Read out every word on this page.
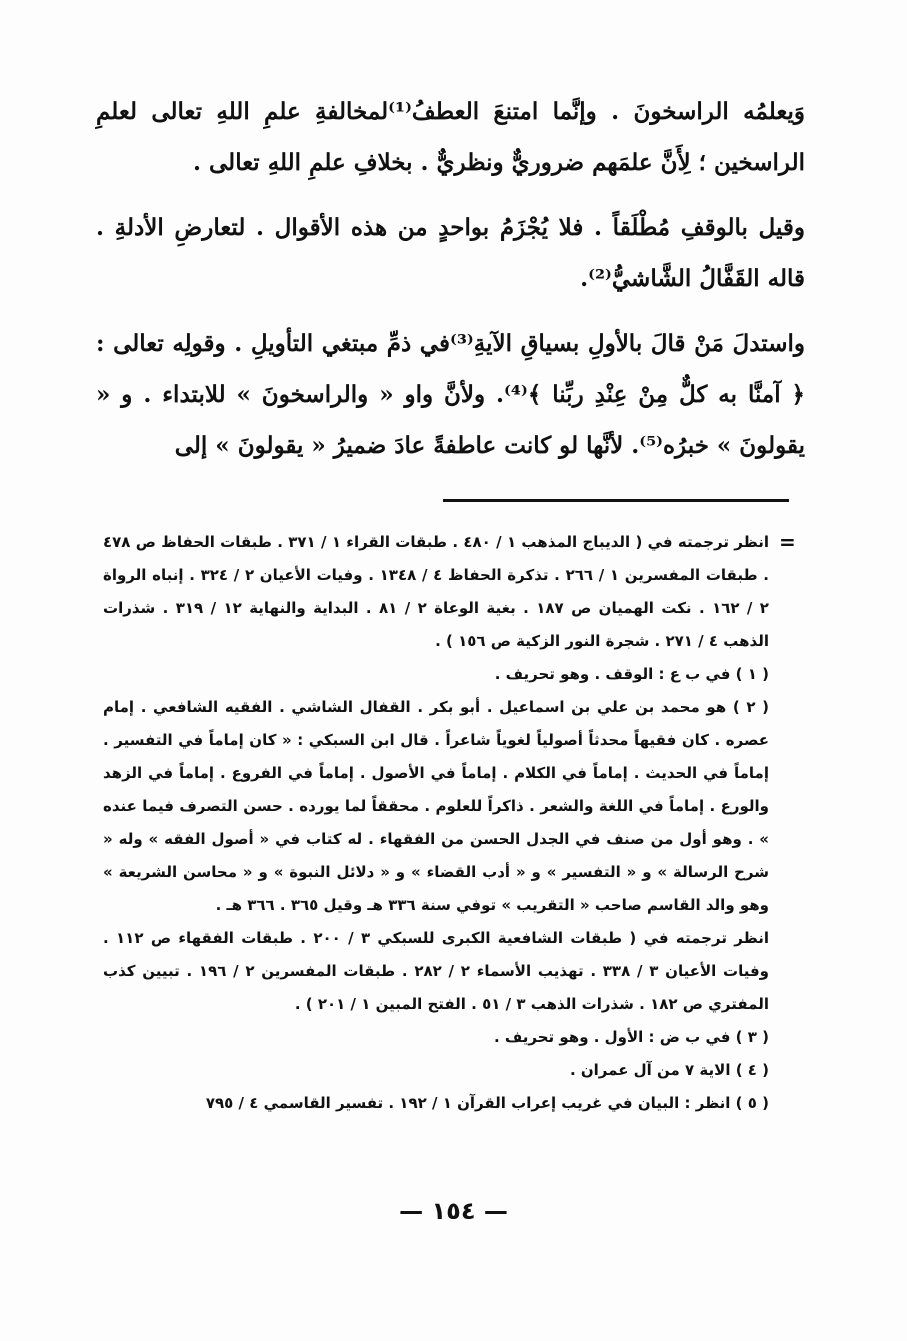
وَيعلمُه الراسخونَ . وإنَّما امتنعَ العطفُ⁽¹⁾لمخالفةِ علمِ اللهِ تعالى لعلمِ الراسخين ؛ لِأَنَّ علمَهم ضروريٌّ ونظريٌّ . بخلافِ علمِ اللهِ تعالى .

وقيل بالوقفِ مُطْلَقاً . فلا يُجْزَمُ بواحدٍ من هذه الأقوال . لتعارضِ الأدلةِ . قاله القَفَّالُ الشَّاشيُّ⁽²⁾.

واستدلَ مَنْ قالَ بالأولِ بسياقِ الآيةِ⁽³⁾في ذمِّ مبتغي التأويلِ . وقولِه تعالى : ﴿ آمنَّا به كلٌّ مِنْ عِنْدِ ربِّنا ﴾⁽⁴⁾. ولأنَّ واو « والراسخونَ » للابتداء . و « يقولونَ » خبرُه⁽⁵⁾. لأنَّها لو كانت عاطفةً عادَ ضميرُ « يقولونَ » إلى

=

انظر ترجمته في ( الديباج المذهب ١ / ٤٨٠ . طبقات القراء ١ / ٣٧١ . طبقات الحفاظ ص ٤٧٨ . طبقات المفسرين ١ / ٢٦٦ . تذكرة الحفاظ ٤ / ١٣٤٨ . وفيات الأعيان ٢ / ٣٢٤ . إنباه الرواة ٢ / ١٦٢ . نكت الهميان ص ١٨٧ . بغية الوعاة ٢ / ٨١ . البداية والنهاية ١٢ / ٣١٩ . شذرات الذهب ٤ / ٢٧١ . شجرة النور الزكية ص ١٥٦ ) .

( ١ ) في ب ع : الوقف . وهو تحريف .

( ٢ ) هو محمد بن علي بن اسماعيل . أبو بكر . القفال الشاشي . الفقيه الشافعي . إمام عصره . كان فقيهاً محدثاً أصولياً لغوياً شاعراً . قال ابن السبكي : « كان إماماً في التفسير . إماماً في الحديث . إماماً في الكلام . إماماً في الأصول . إماماً في الفروع . إماماً في الزهد والورع . إماماً في اللغة والشعر . ذاكراً للعلوم . محققاً لما يورده . حسن التصرف فيما عنده » . وهو أول من صنف في الجدل الحسن من الفقهاء . له كتاب في « أصول الفقه » وله « شرح الرسالة » و « التفسير » و « أدب القضاء » و « دلائل النبوة » و « محاسن الشريعة » وهو والد القاسم صاحب « التقريب » توفي سنة ٣٣٦ هـ وقيل ٣٦٥ . ٣٦٦ هـ .

انظر ترجمته في ( طبقات الشافعية الكبرى للسبكي ٣ / ٢٠٠ . طبقات الفقهاء ص ١١٢ . وفيات الأعيان ٣ / ٣٣٨ . تهذيب الأسماء ٢ / ٢٨٢ . طبقات المفسرين ٢ / ١٩٦ . تبيين كذب المفتري ص ١٨٢ . شذرات الذهب ٣ / ٥١ . الفتح المبين ١ / ٢٠١ ) .

( ٣ ) في ب ض : الأول . وهو تحريف .

( ٤ ) الاية ٧ من آل عمران .

( ٥ ) انظر : البيان في غريب إعراب القرآن ١ / ١٩٢ . تفسير القاسمي ٤ / ٧٩٥

— ١٥٤ —
